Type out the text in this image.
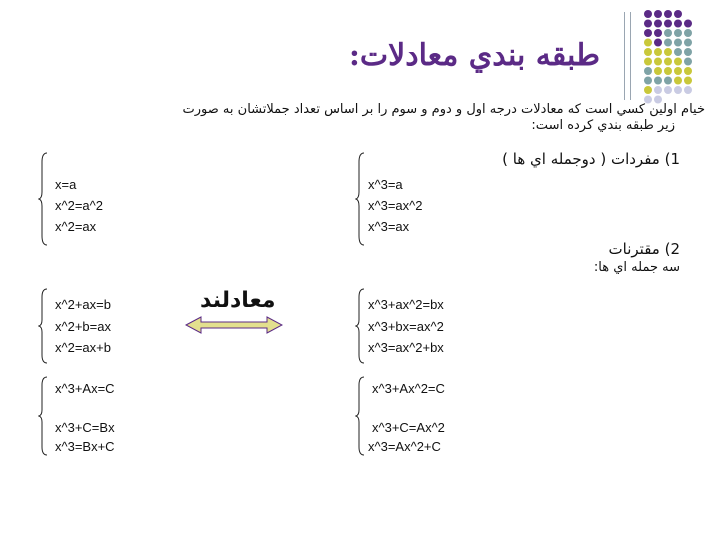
طبقه بندي معادلات:
خيام اولين كسي است كه معادلات درجه اول و دوم و سوم را بر اساس تعداد جملاتشان به صورت
زير طبقه بندي كرده است:
1) مفردات ( دوجمله اي ها )
2) مقترنات
سه جمله اي ها:
x=a
x^2=a^2
x^2=ax
x^3=a
x^3=ax^2
x^3=ax
x^2+ax=b
x^2+b=ax
x^2=ax+b
x^3+ax^2=bx
x^3+bx=ax^2
x^3=ax^2+bx
x^3+Ax=C
x^3+C=Bx
x^3=Bx+C
x^3+Ax^2=C
x^3+C=Ax^2
x^3=Ax^2+C
معادلند
